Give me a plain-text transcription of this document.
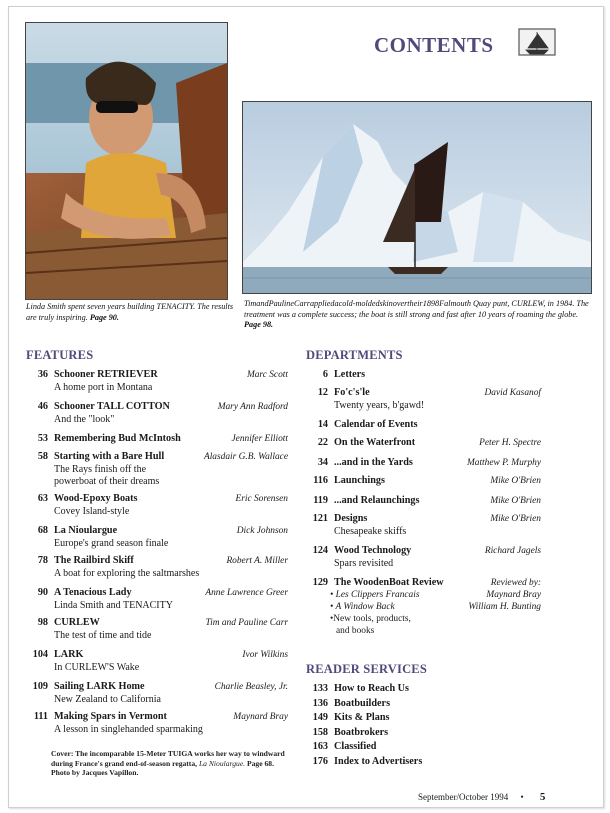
CONTENTS
Linda Smith spent seven years building TENACITY. The results are truly inspiring. Page 90.
TimandPaulineCarrappliedacold-moldedskinovertheir1898Falmouth Quay punt, CURLEW, in 1984. The treatment was a complete success; the boat is still strong and fast after 10 years of roaming the globe. Page 98.
FEATURES
36 Schooner RETRIEVER	Marc Scott
A home port in Montana
46 Schooner TALL COTTON	Mary Ann Radford
And the "look"
53 Remembering Bud McIntosh	Jennifer Elliott
58 Starting with a Bare Hull	Alasdair G.B. Wallace
The Rays finish off the
powerboat of their dreams
63 Wood-Epoxy Boats	Eric Sorensen
Covey Island-style
68 La Nioulargue	Dick Johnson
Europe's grand season finale
78 The Railbird Skiff	Robert A. Miller
A boat for exploring the saltmarshes
90 A Tenacious Lady	Anne Lawrence Greer
Linda Smith and TENACITY
98 CURLEW	Tim and Pauline Carr
The test of time and tide
104 LARK	Ivor Wilkins
In CURLEW'S Wake
109 Sailing LARK Home	Charlie Beasley, Jr.
New Zealand to California
111 Making Spars in Vermont	Maynard Bray
A lesson in singlehanded sparmaking
DEPARTMENTS
6 Letters
12 Fo'c's'le	David Kasanof
Twenty years, b'gawd!
14 Calendar of Events
22 On the Waterfront	Peter H. Spectre
34 ...and in the Yards	Matthew P. Murphy
116 Launchings	Mike O'Brien
119 ...and Relaunchings	Mike O'Brien
121 Designs	Mike O'Brien
Chesapeake skiffs
124 Wood Technology	Richard Jagels
Spars revisited
129 The WoodenBoat Review	Reviewed by:
• Les Clippers Francais	Maynard Bray
• A Window Back	William H. Bunting
•New tools, products,
and books
READER SERVICES
133 How to Reach Us
136 Boatbuilders
149 Kits & Plans
158 Boatbrokers
163 Classified
176 Index to Advertisers
Cover: The incomparable 15-Meter TUIGA works her way to windward during France's grand end-of-season regatta, La Nioulargue. Page 68. Photo by Jacques Vapillon.
September/October 1994 • 5
